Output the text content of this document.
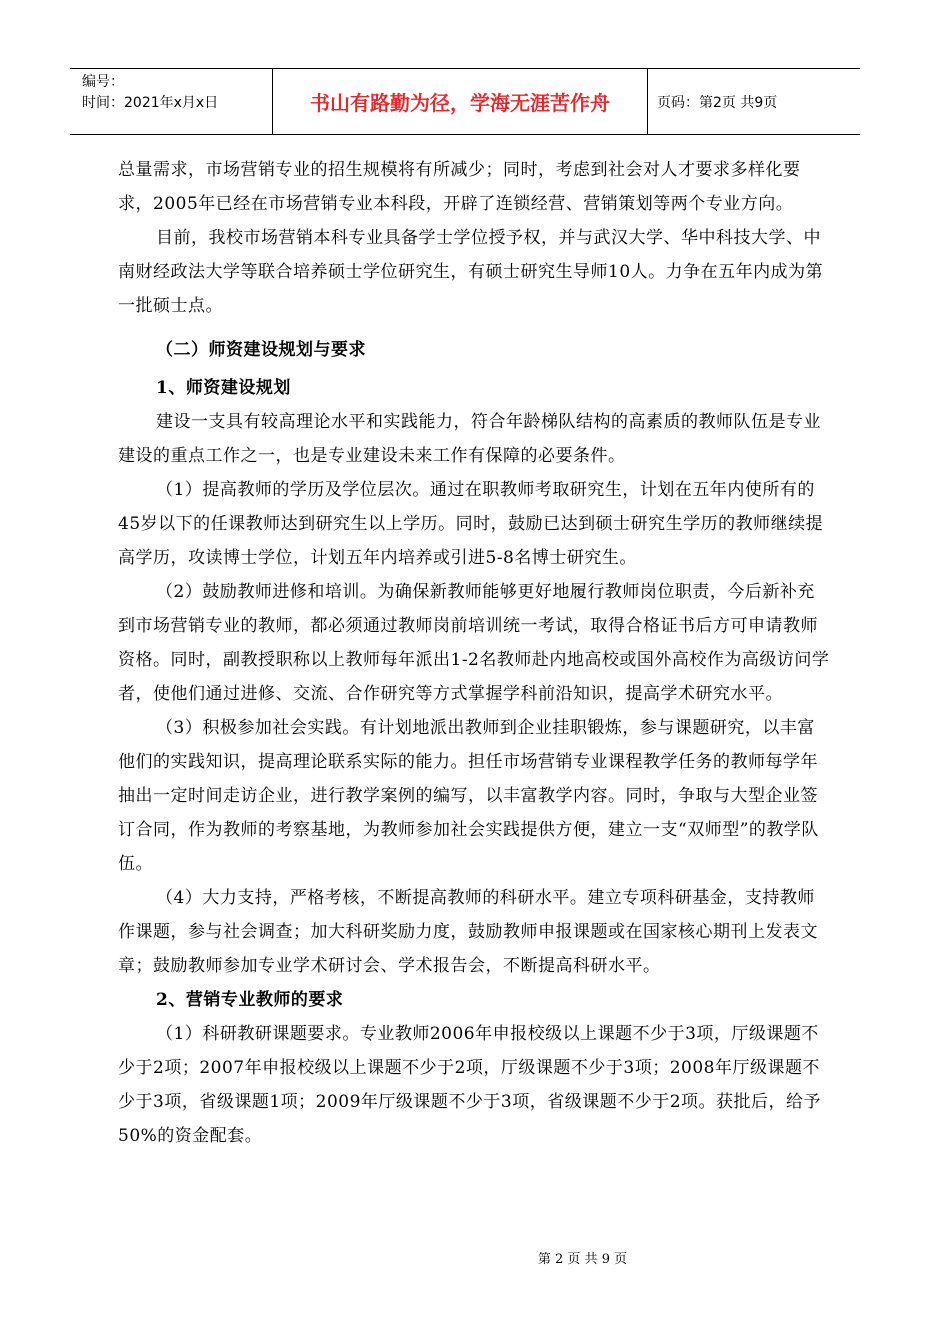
编号：
时间：2021年x月x日	书山有路勤为径，学海无涯苦作舟	页码：第2页 共9页

总量需求，市场营销专业的招生规模将有所减少；同时，考虑到社会对人才要求多样化要求，2005年已经在市场营销专业本科段，开辟了连锁经营、营销策划等两个专业方向。

目前，我校市场营销本科专业具备学士学位授予权，并与武汉大学、华中科技大学、中南财经政法大学等联合培养硕士学位研究生，有硕士研究生导师10人。力争在五年内成为第一批硕士点。

（二）师资建设规划与要求

1、师资建设规划

建设一支具有较高理论水平和实践能力，符合年龄梯队结构的高素质的教师队伍是专业建设的重点工作之一，也是专业建设未来工作有保障的必要条件。

（1）提高教师的学历及学位层次。通过在职教师考取研究生，计划在五年内使所有的45岁以下的任课教师达到研究生以上学历。同时，鼓励已达到硕士研究生学历的教师继续提高学历，攻读博士学位，计划五年内培养或引进5-8名博士研究生。

（2）鼓励教师进修和培训。为确保新教师能够更好地履行教师岗位职责，今后新补充到市场营销专业的教师，都必须通过教师岗前培训统一考试，取得合格证书后方可申请教师资格。同时，副教授职称以上教师每年派出1-2名教师赴内地高校或国外高校作为高级访问学者，使他们通过进修、交流、合作研究等方式掌握学科前沿知识，提高学术研究水平。

（3）积极参加社会实践。有计划地派出教师到企业挂职锻炼，参与课题研究，以丰富他们的实践知识，提高理论联系实际的能力。担任市场营销专业课程教学任务的教师每学年抽出一定时间走访企业，进行教学案例的编写，以丰富教学内容。同时，争取与大型企业签订合同，作为教师的考察基地，为教师参加社会实践提供方便，建立一支“双师型”的教学队伍。

（4）大力支持，严格考核，不断提高教师的科研水平。建立专项科研基金，支持教师作课题，参与社会调查；加大科研奖励力度，鼓励教师申报课题或在国家核心期刊上发表文章；鼓励教师参加专业学术研讨会、学术报告会，不断提高科研水平。

2、营销专业教师的要求

（1）科研教研课题要求。专业教师2006年申报校级以上课题不少于3项，厅级课题不少于2项；2007年申报校级以上课题不少于2项，厅级课题不少于3项；2008年厅级课题不少于3项，省级课题1项；2009年厅级课题不少于3项，省级课题不少于2项。获批后，给予50%的资金配套。

第 2 页 共 9 页
